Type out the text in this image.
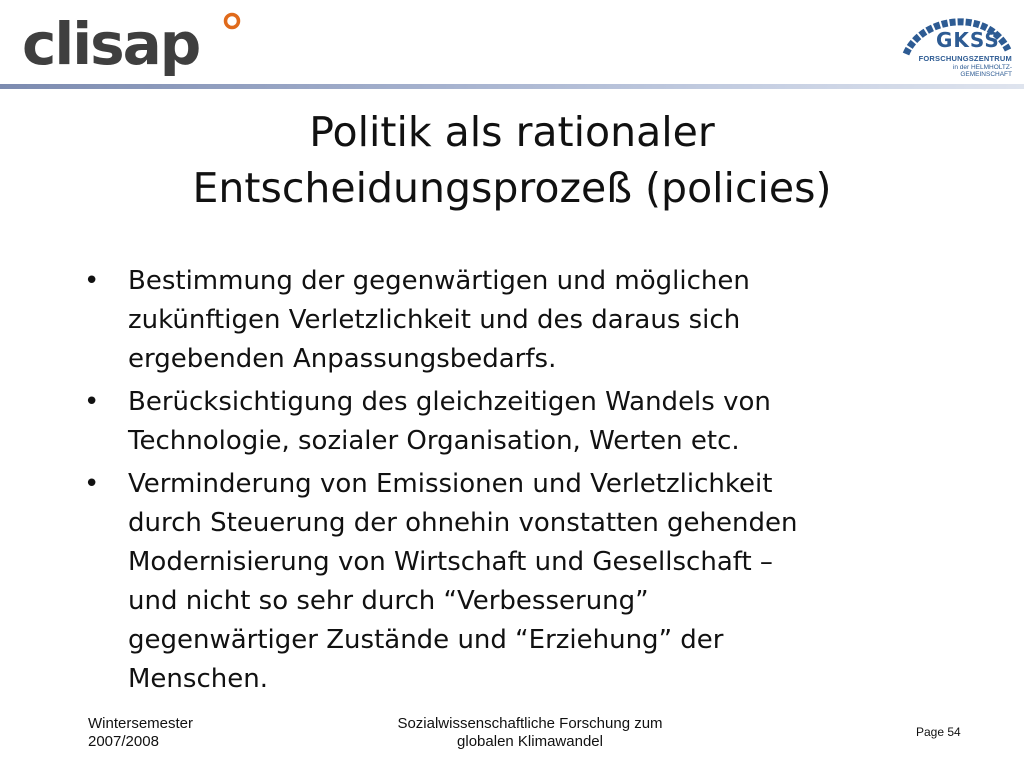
clisap	GKSS
FORSCHUNGSZENTRUM
in der HELMHOLTZ-GEMEINSCHAFT
Politik als rationaler
Entscheidungsprozeß (policies)
•	Bestimmung der gegenwärtigen und möglichen
zukünftigen Verletzlichkeit und des daraus sich
ergebenden Anpassungsbedarfs.
•	Berücksichtigung des gleichzeitigen Wandels von
Technologie, sozialer Organisation, Werten etc.
•	Verminderung von Emissionen und Verletzlichkeit
durch Steuerung der ohnehin vonstatten gehenden
Modernisierung von Wirtschaft und Gesellschaft –
und nicht so sehr durch “Verbesserung”
gegenwärtiger Zustände und “Erziehung” der
Menschen.
Wintersemester
2007/2008
Sozialwissenschaftliche Forschung zum
globalen Klimawandel
Page 54
